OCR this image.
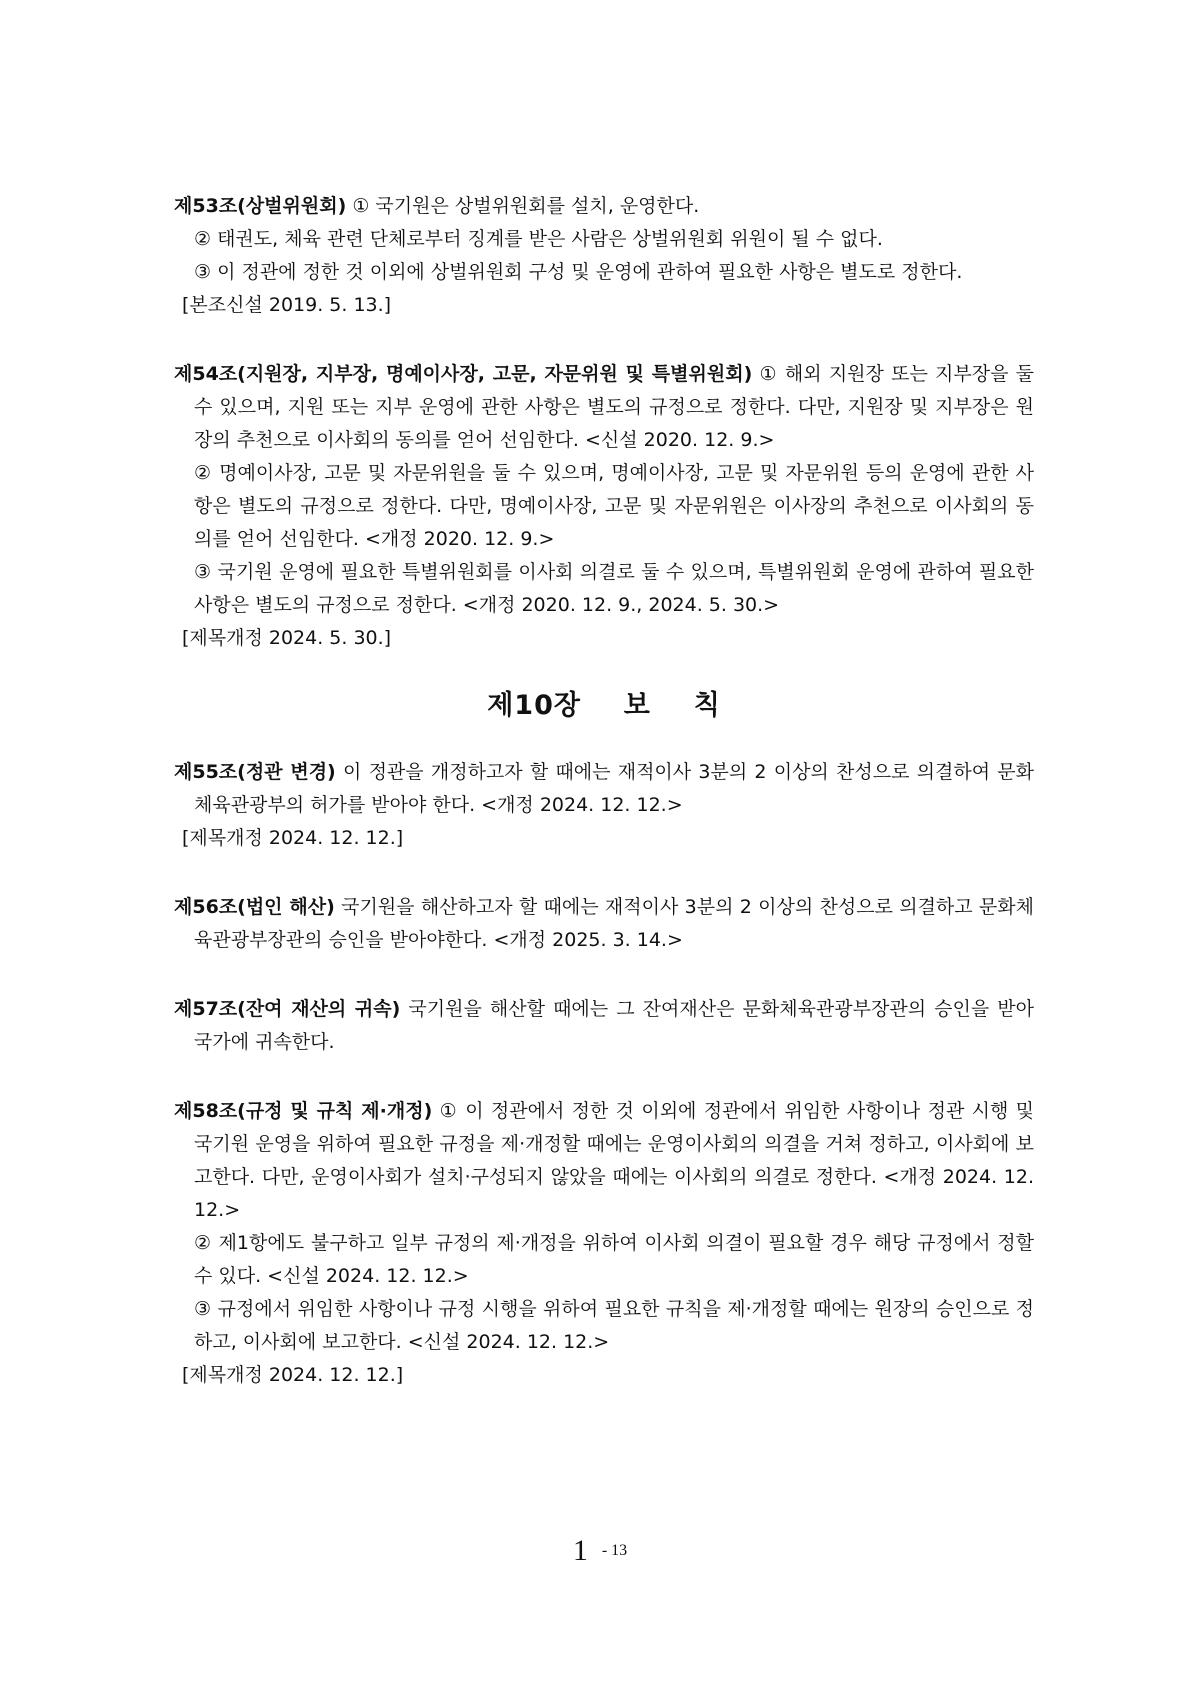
제53조(상벌위원회) ① 국기원은 상벌위원회를 설치, 운영한다.

② 태권도, 체육 관련 단체로부터 징계를 받은 사람은 상벌위원회 위원이 될 수 없다.

③ 이 정관에 정한 것 이외에 상벌위원회 구성 및 운영에 관하여 필요한 사항은 별도로 정한다.

[본조신설 2019. 5. 13.]

제54조(지원장, 지부장, 명예이사장, 고문, 자문위원 및 특별위원회) ① 해외 지원장 또는 지부장을 둘 수 있으며, 지원 또는 지부 운영에 관한 사항은 별도의 규정으로 정한다. 다만, 지원장 및 지부장은 원장의 추천으로 이사회의 동의를 얻어 선임한다. <신설 2020. 12. 9.>

② 명예이사장, 고문 및 자문위원을 둘 수 있으며, 명예이사장, 고문 및 자문위원 등의 운영에 관한 사항은 별도의 규정으로 정한다. 다만, 명예이사장, 고문 및 자문위원은 이사장의 추천으로 이사회의 동의를 얻어 선임한다. <개정 2020. 12. 9.>

③ 국기원 운영에 필요한 특별위원회를 이사회 의결로 둘 수 있으며, 특별위원회 운영에 관하여 필요한 사항은 별도의 규정으로 정한다. <개정 2020. 12. 9., 2024. 5. 30.>

[제목개정 2024. 5. 30.]

제10장 보 칙

제55조(정관 변경) 이 정관을 개정하고자 할 때에는 재적이사 3분의 2 이상의 찬성으로 의결하여 문화체육관광부의 허가를 받아야 한다. <개정 2024. 12. 12.>

[제목개정 2024. 12. 12.]

제56조(법인 해산) 국기원을 해산하고자 할 때에는 재적이사 3분의 2 이상의 찬성으로 의결하고 문화체육관광부장관의 승인을 받아야한다. <개정 2025. 3. 14.>

제57조(잔여 재산의 귀속) 국기원을 해산할 때에는 그 잔여재산은 문화체육관광부장관의 승인을 받아 국가에 귀속한다.

제58조(규정 및 규칙 제·개정) ① 이 정관에서 정한 것 이외에 정관에서 위임한 사항이나 정관 시행 및 국기원 운영을 위하여 필요한 규정을 제·개정할 때에는 운영이사회의 의결을 거쳐 정하고, 이사회에 보고한다. 다만, 운영이사회가 설치·구성되지 않았을 때에는 이사회의 의결로 정한다. <개정 2024. 12. 12.>

② 제1항에도 불구하고 일부 규정의 제·개정을 위하여 이사회 의결이 필요할 경우 해당 규정에서 정할 수 있다. <신설 2024. 12. 12.>

③ 규정에서 위임한 사항이나 규정 시행을 위하여 필요한 규칙을 제·개정할 때에는 원장의 승인으로 정하고, 이사회에 보고한다. <신설 2024. 12. 12.>

[제목개정 2024. 12. 12.]

1 - 13
